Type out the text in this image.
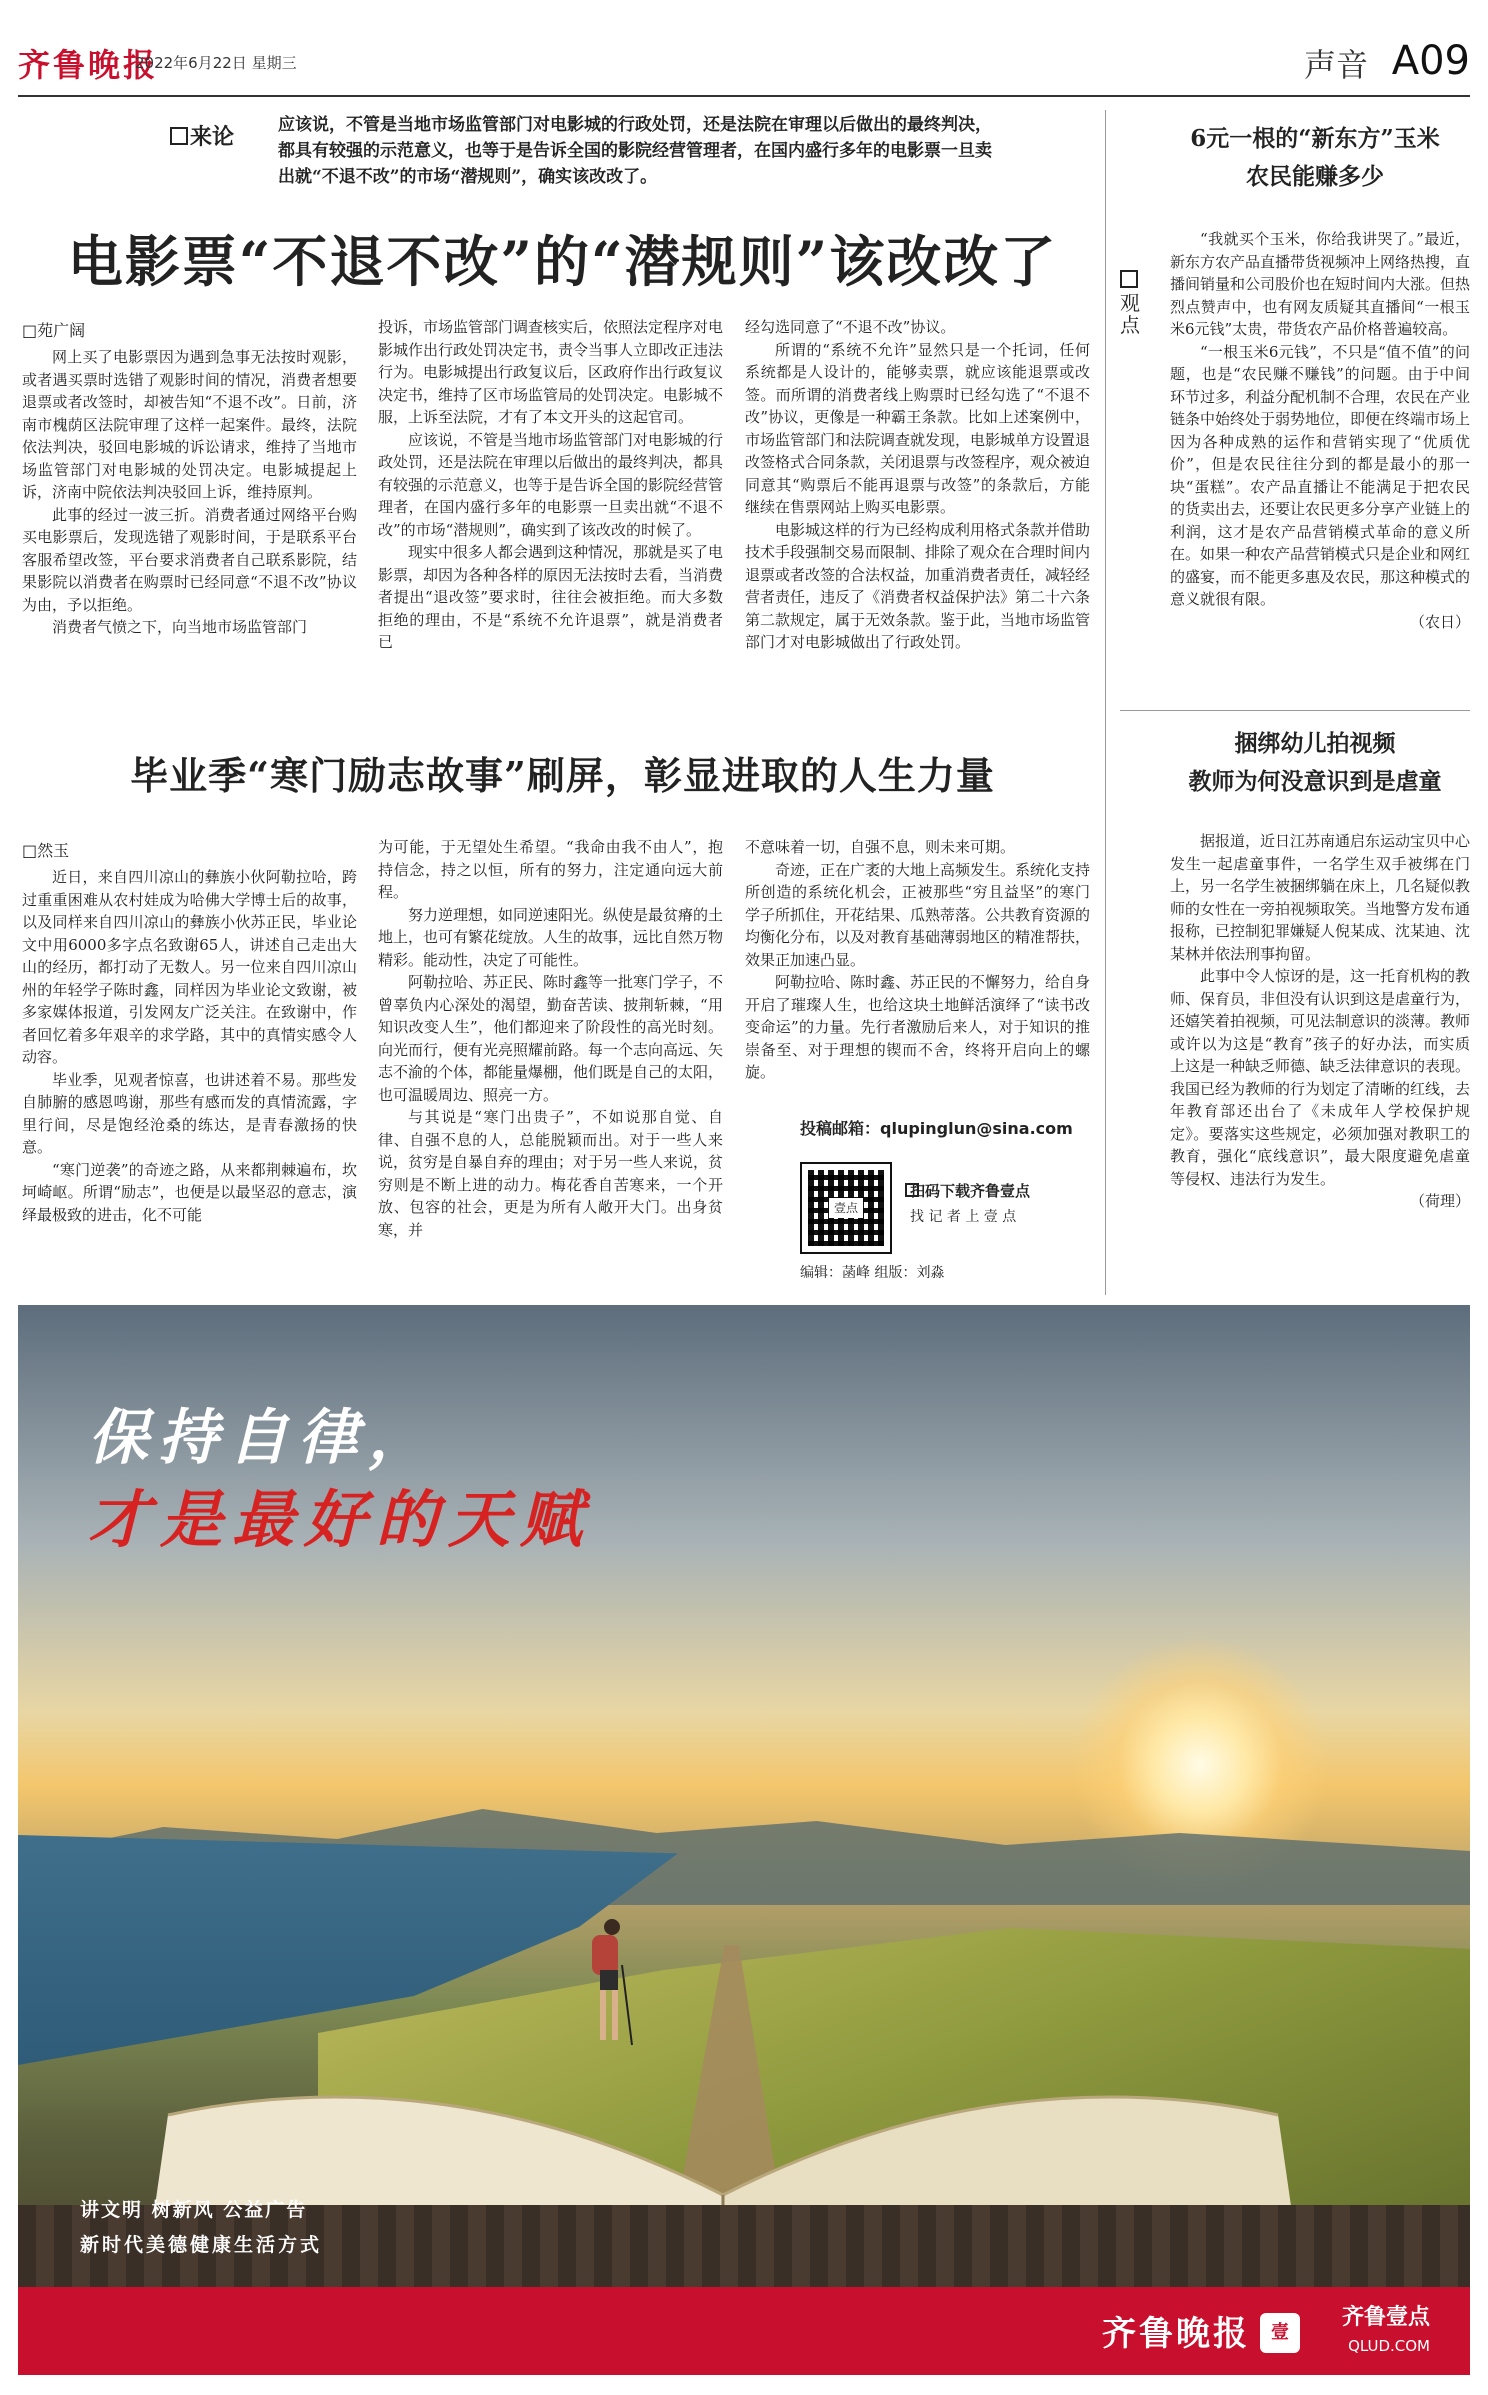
齐鲁晚报
2022年6月22日 星期三	声音 A09
来论	应该说，不管是当地市场监管部门对电影城的行政处罚，还是法院在审理以后做出的最终判决，都具有较强的示范意义，也等于是告诉全国的影院经营管理者，在国内盛行多年的电影票一旦卖出就“不退不改”的市场“潜规则”，确实该改改了。
电影票“不退不改”的“潜规则”该改改了
□苑广阔

网上买了电影票因为遇到急事无法按时观影，或者遇买票时选错了观影时间的情况，消费者想要退票或者改签时，却被告知“不退不改”。日前，济南市槐荫区法院审理了这样一起案件。最终，法院依法判决，驳回电影城的诉讼请求，维持了当地市场监管部门对电影城的处罚决定。电影城提起上诉，济南中院依法判决驳回上诉，维持原判。

此事的经过一波三折。消费者通过网络平台购买电影票后，发现选错了观影时间，于是联系平台客服希望改签，平台要求消费者自己联系影院，结果影院以消费者在购票时已经同意“不退不改”协议为由，予以拒绝。

消费者气愤之下，向当地市场监管部门

投诉，市场监管部门调查核实后，依照法定程序对电影城作出行政处罚决定书，责令当事人立即改正违法行为。电影城提出行政复议后，区政府作出行政复议决定书，维持了区市场监管局的处罚决定。电影城不服，上诉至法院，才有了本文开头的这起官司。

应该说，不管是当地市场监管部门对电影城的行政处罚，还是法院在审理以后做出的最终判决，都具有较强的示范意义，也等于是告诉全国的影院经营管理者，在国内盛行多年的电影票一旦卖出就“不退不改”的市场“潜规则”，确实到了该改改的时候了。

现实中很多人都会遇到这种情况，那就是买了电影票，却因为各种各样的原因无法按时去看，当消费者提出“退改签”要求时，往往会被拒绝。而大多数拒绝的理由，不是“系统不允许退票”，就是消费者已

经勾选同意了“不退不改”协议。

所谓的“系统不允许”显然只是一个托词，任何系统都是人设计的，能够卖票，就应该能退票或改签。而所谓的消费者线上购票时已经勾选了“不退不改”协议，更像是一种霸王条款。比如上述案例中，市场监管部门和法院调查就发现，电影城单方设置退改签格式合同条款，关闭退票与改签程序，观众被迫同意其“购票后不能再退票与改签”的条款后，方能继续在售票网站上购买电影票。

电影城这样的行为已经构成利用格式条款并借助技术手段强制交易而限制、排除了观众在合理时间内退票或者改签的合法权益，加重消费者责任，减轻经营者责任，违反了《消费者权益保护法》第二十六条第二款规定，属于无效条款。鉴于此，当地市场监管部门才对电影城做出了行政处罚。

毕业季“寒门励志故事”刷屏，彰显进取的人生力量
□然玉

近日，来自四川凉山的彝族小伙阿勒拉哈，跨过重重困难从农村娃成为哈佛大学博士后的故事，以及同样来自四川凉山的彝族小伙苏正民，毕业论文中用6000多字点名致谢65人，讲述自己走出大山的经历，都打动了无数人。另一位来自四川凉山州的年轻学子陈时鑫，同样因为毕业论文致谢，被多家媒体报道，引发网友广泛关注。在致谢中，作者回忆着多年艰辛的求学路，其中的真情实感令人动容。

毕业季，见观者惊喜，也讲述着不易。那些发自肺腑的感恩鸣谢，那些有感而发的真情流露，字里行间，尽是饱经沧桑的练达，是青春激扬的快意。

“寒门逆袭”的奇迹之路，从来都荆棘遍布，坎坷崎岖。所谓“励志”，也便是以最坚忍的意志，演绎最极致的进击，化不可能

为可能，于无望处生希望。“我命由我不由人”，抱持信念，持之以恒，所有的努力，注定通向远大前程。

努力逆理想，如同逆速阳光。纵使是最贫瘠的土地上，也可有繁花绽放。人生的故事，远比自然万物精彩。能动性，决定了可能性。

阿勒拉哈、苏正民、陈时鑫等一批寒门学子，不曾辜负内心深处的渴望，勤奋苦读、披荆斩棘，“用知识改变人生”，他们都迎来了阶段性的高光时刻。向光而行，便有光亮照耀前路。每一个志向高远、矢志不渝的个体，都能量爆棚，他们既是自己的太阳，也可温暖周边、照亮一方。

与其说是“寒门出贵子”，不如说那自觉、自律、自强不息的人，总能脱颖而出。对于一些人来说，贫穷是自暴自弃的理由；对于另一些人来说，贫穷则是不断上进的动力。梅花香自苦寒来，一个开放、包容的社会，更是为所有人敞开大门。出身贫寒，并

不意味着一切，自强不息，则未来可期。

奇迹，正在广袤的大地上高频发生。系统化支持所创造的系统化机会，正被那些“穷且益坚”的寒门学子所抓住，开花结果、瓜熟蒂落。公共教育资源的均衡化分布，以及对教育基础薄弱地区的精准帮扶，效果正加速凸显。

阿勒拉哈、陈时鑫、苏正民的不懈努力，给自身开启了璀璨人生，也给这块土地鲜活演绎了“读书改变命运”的力量。先行者激励后来人，对于知识的推崇备至、对于理想的锲而不舍，终将开启向上的螺旋。

投稿邮箱：qlupinglun@sina.com
壹点
扫码下载齐鲁壹点
找 记 者 上 壹 点
编辑：菡峰 组版：刘淼
观点
6元一根的“新东方”玉米
农民能赚多少

“我就买个玉米，你给我讲哭了。”最近，新东方农产品直播带货视频冲上网络热搜，直播间销量和公司股价也在短时间内大涨。但热烈点赞声中，也有网友质疑其直播间“一根玉米6元钱”太贵，带货农产品价格普遍较高。

“一根玉米6元钱”，不只是“值不值”的问题，也是“农民赚不赚钱”的问题。由于中间环节过多，利益分配机制不合理，农民在产业链条中始终处于弱势地位，即便在终端市场上因为各种成熟的运作和营销实现了“优质优价”，但是农民往往分到的都是最小的那一块“蛋糕”。农产品直播让不能满足于把农民的货卖出去，还要让农民更多分享产业链上的利润，这才是农产品营销模式革命的意义所在。如果一种农产品营销模式只是企业和网红的盛宴，而不能更多惠及农民，那这种模式的意义就很有限。

（农日）
捆绑幼儿拍视频
教师为何没意识到是虐童

据报道，近日江苏南通启东运动宝贝中心发生一起虐童事件，一名学生双手被绑在门上，另一名学生被捆绑躺在床上，几名疑似教师的女性在一旁拍视频取笑。当地警方发布通报称，已控制犯罪嫌疑人倪某成、沈某迪、沈某林并依法刑事拘留。

此事中令人惊讶的是，这一托育机构的教师、保育员，非但没有认识到这是虐童行为，还嬉笑着拍视频，可见法制意识的淡薄。教师或许以为这是“教育”孩子的好办法，而实质上这是一种缺乏师德、缺乏法律意识的表现。我国已经为教师的行为划定了清晰的红线，去年教育部还出台了《未成年人学校保护规定》。要落实这些规定，必须加强对教职工的教育，强化“底线意识”，最大限度避免虐童等侵权、违法行为发生。

（荷理）
保持自律，
才是最好的天赋
讲文明 树新风 公益广告
新时代美德健康生活方式
齐鲁晚报	壹
齐鲁壹点
QLUD.COM
